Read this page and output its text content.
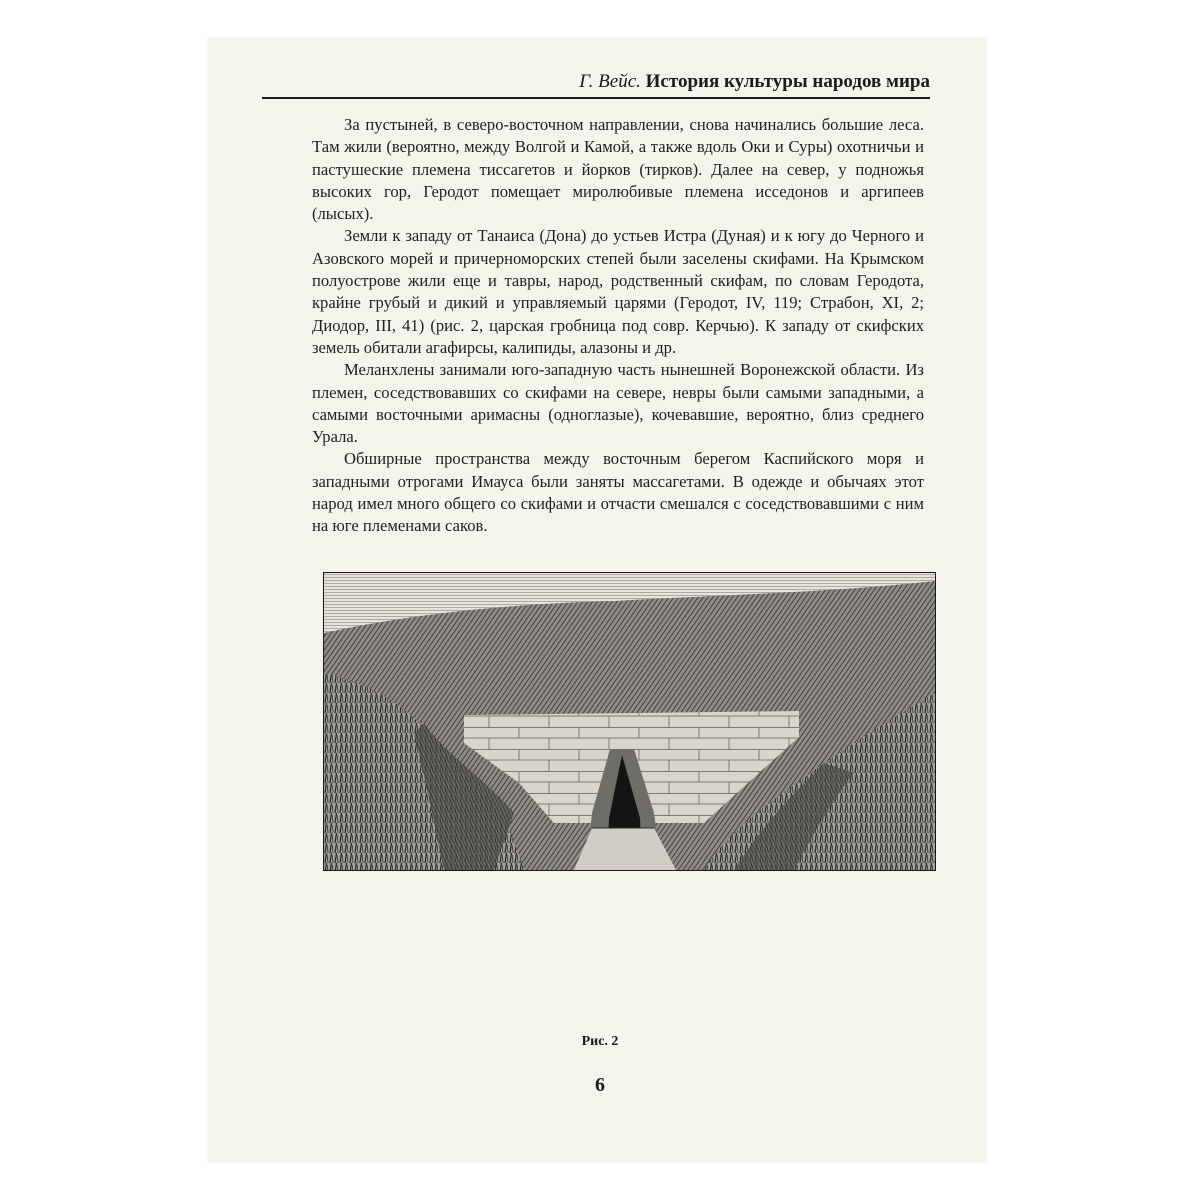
Г. Вейс. История культуры народов мира

За пустыней, в северо-восточном направлении, снова начинались большие леса. Там жили (вероятно, между Волгой и Камой, а также вдоль Оки и Суры) охотничьи и пастушеские племена тиссагетов и йорков (тирков). Далее на север, у подножья высоких гор, Геродот помещает миролюбивые племена исседонов и аргипеев (лысых).

Земли к западу от Танаиса (Дона) до устьев Истра (Дуная) и к югу до Черного и Азовского морей и причерноморских степей были заселены скифами. На Крымском полуострове жили еще и тавры, народ, родственный скифам, по словам Геродота, крайне грубый и дикий и управляемый царями (Геродот, IV, 119; Страбон, XI, 2; Диодор, III, 41) (рис. 2, царская гробница под совр. Керчью). К западу от скифских земель обитали агафирсы, калипиды, алазоны и др.

Меланхлены занимали юго-западную часть нынешней Воронежской области. Из племен, соседствовавших со скифами на севере, невры были самыми западными, а самыми восточными аримасны (одноглазые), кочевавшие, вероятно, близ среднего Урала.

Обширные пространства между восточным берегом Каспийского моря и западными отрогами Имауса были заняты массагетами. В одежде и обычаях этот народ имел много общего со скифами и отчасти смешался с соседствовавшими с ним на юге племенами саков.

Рис. 2
6
